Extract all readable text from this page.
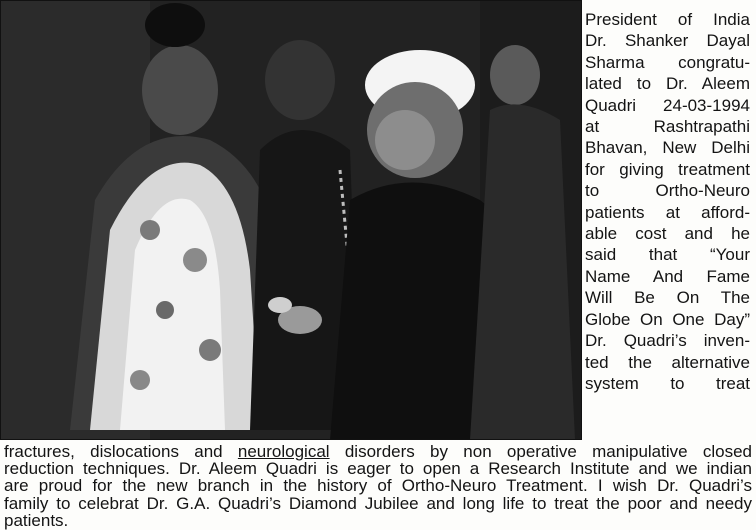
President of India
Dr. Shanker Dayal
Sharma congratu-
lated to Dr. Aleem
Quadri 24-03-1994
at Rashtrapathi
Bhavan, New Delhi
for giving treatment
to Ortho-Neuro
patients at afford-
able cost and he
said that “Your
Name And Fame
Will Be On The
Globe On One Day”
Dr. Quadri’s inven-
ted the alternative
system to treat
fractures, dislocations and neurological disorders by non operative manipulative closed
reduction techniques. Dr. Aleem Quadri is eager to open a Research Institute and we indian
are proud for the new branch in the history of Ortho-Neuro Treatment. I wish Dr. Quadri’s
family to celebrat Dr. G.A. Quadri’s Diamond Jubilee and long life to treat the poor and needy
patients.
